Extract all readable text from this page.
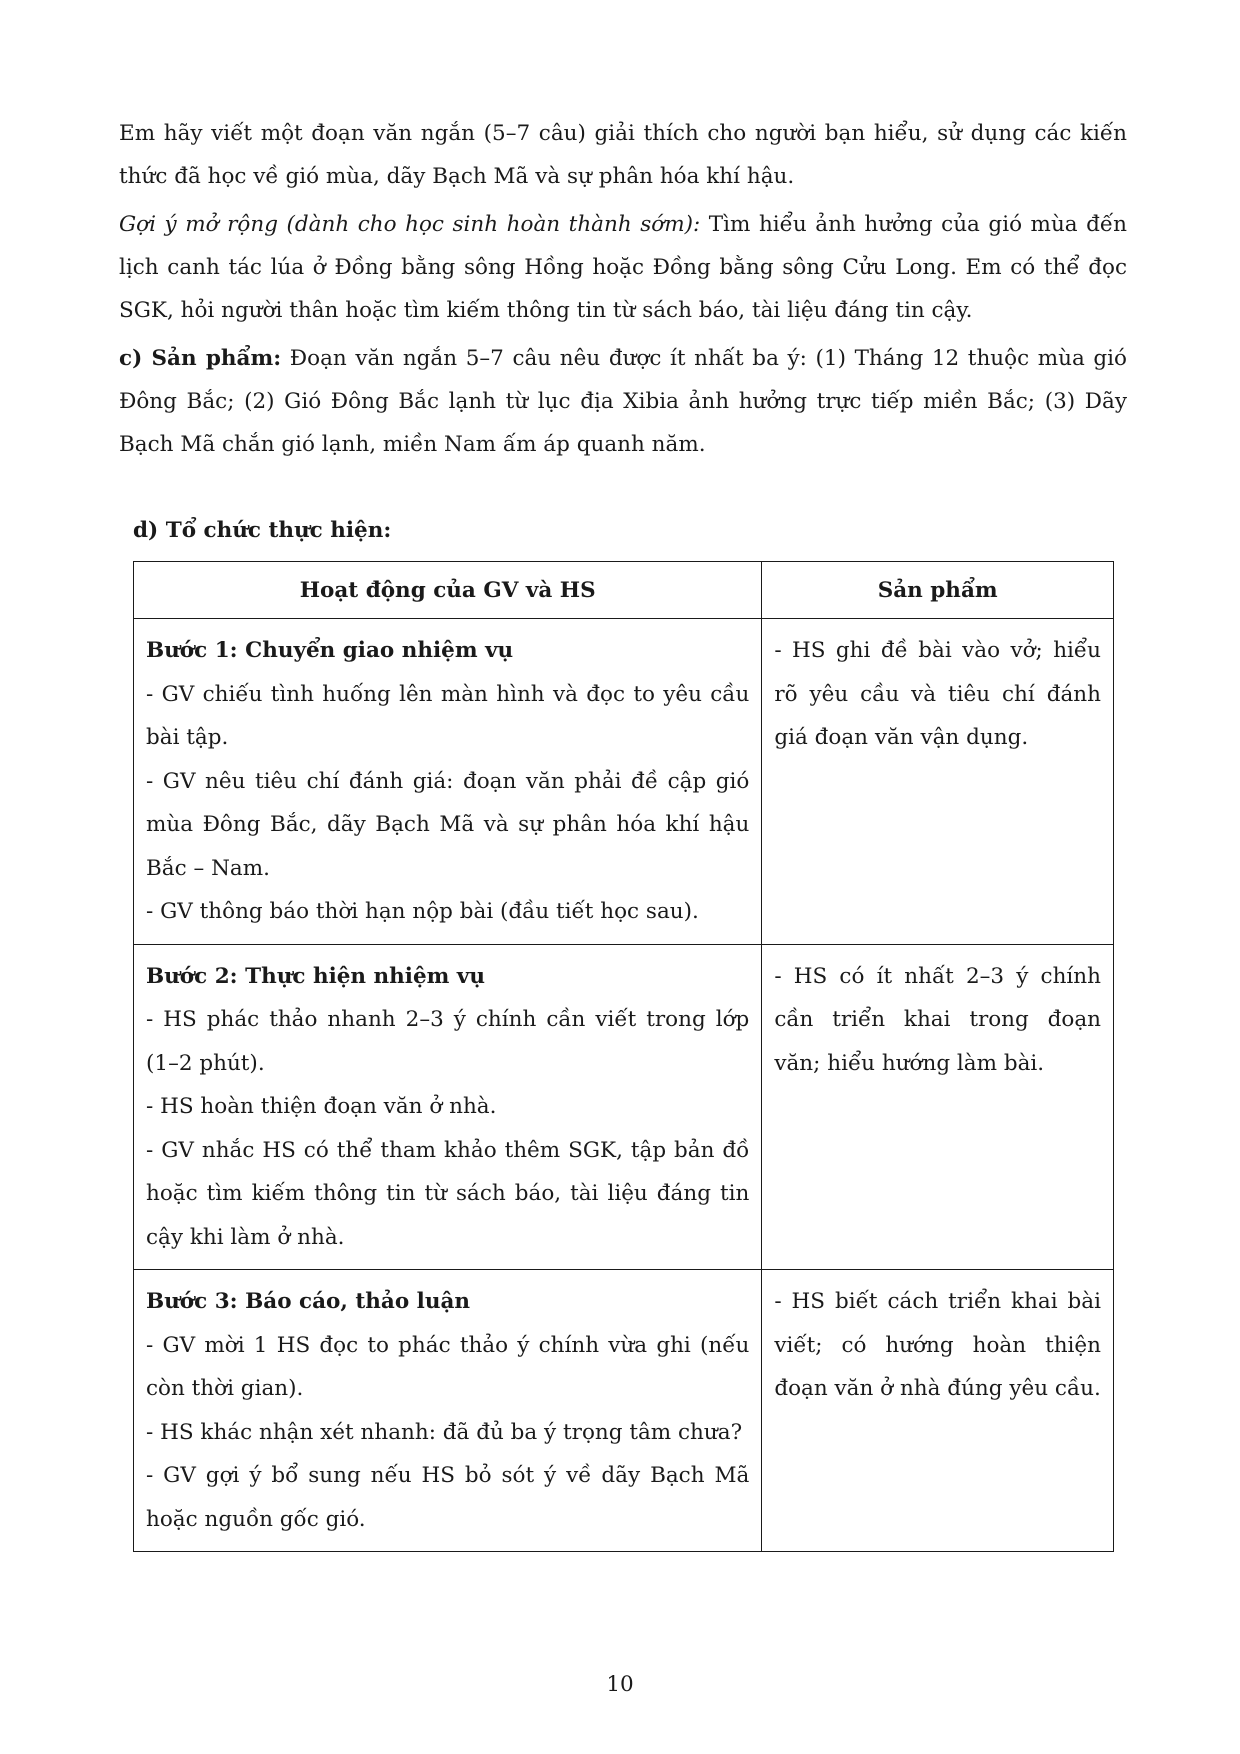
Em hãy viết một đoạn văn ngắn (5–7 câu) giải thích cho người bạn hiểu, sử dụng các kiến thức đã học về gió mùa, dãy Bạch Mã và sự phân hóa khí hậu.

Gợi ý mở rộng (dành cho học sinh hoàn thành sớm): Tìm hiểu ảnh hưởng của gió mùa đến lịch canh tác lúa ở Đồng bằng sông Hồng hoặc Đồng bằng sông Cửu Long. Em có thể đọc SGK, hỏi người thân hoặc tìm kiếm thông tin từ sách báo, tài liệu đáng tin cậy.

c) Sản phẩm: Đoạn văn ngắn 5–7 câu nêu được ít nhất ba ý: (1) Tháng 12 thuộc mùa gió Đông Bắc; (2) Gió Đông Bắc lạnh từ lục địa Xibia ảnh hưởng trực tiếp miền Bắc; (3) Dãy Bạch Mã chắn gió lạnh, miền Nam ấm áp quanh năm.

d) Tổ chức thực hiện:
Hoạt động của GV và HS	Sản phẩm

Bước 1: Chuyển giao nhiệm vụ
- GV chiếu tình huống lên màn hình và đọc to yêu cầu bài tập.
- GV nêu tiêu chí đánh giá: đoạn văn phải đề cập gió mùa Đông Bắc, dãy Bạch Mã và sự phân hóa khí hậu Bắc – Nam.
- GV thông báo thời hạn nộp bài (đầu tiết học sau).	- HS ghi đề bài vào vở; hiểu rõ yêu cầu và tiêu chí đánh giá đoạn văn vận dụng.

Bước 2: Thực hiện nhiệm vụ
- HS phác thảo nhanh 2–3 ý chính cần viết trong lớp (1–2 phút).
- HS hoàn thiện đoạn văn ở nhà.
- GV nhắc HS có thể tham khảo thêm SGK, tập bản đồ hoặc tìm kiếm thông tin từ sách báo, tài liệu đáng tin cậy khi làm ở nhà.	- HS có ít nhất 2–3 ý chính cần triển khai trong đoạn văn; hiểu hướng làm bài.

Bước 3: Báo cáo, thảo luận
- GV mời 1 HS đọc to phác thảo ý chính vừa ghi (nếu còn thời gian).
- HS khác nhận xét nhanh: đã đủ ba ý trọng tâm chưa?
- GV gợi ý bổ sung nếu HS bỏ sót ý về dãy Bạch Mã hoặc nguồn gốc gió.	- HS biết cách triển khai bài viết; có hướng hoàn thiện đoạn văn ở nhà đúng yêu cầu.
10
